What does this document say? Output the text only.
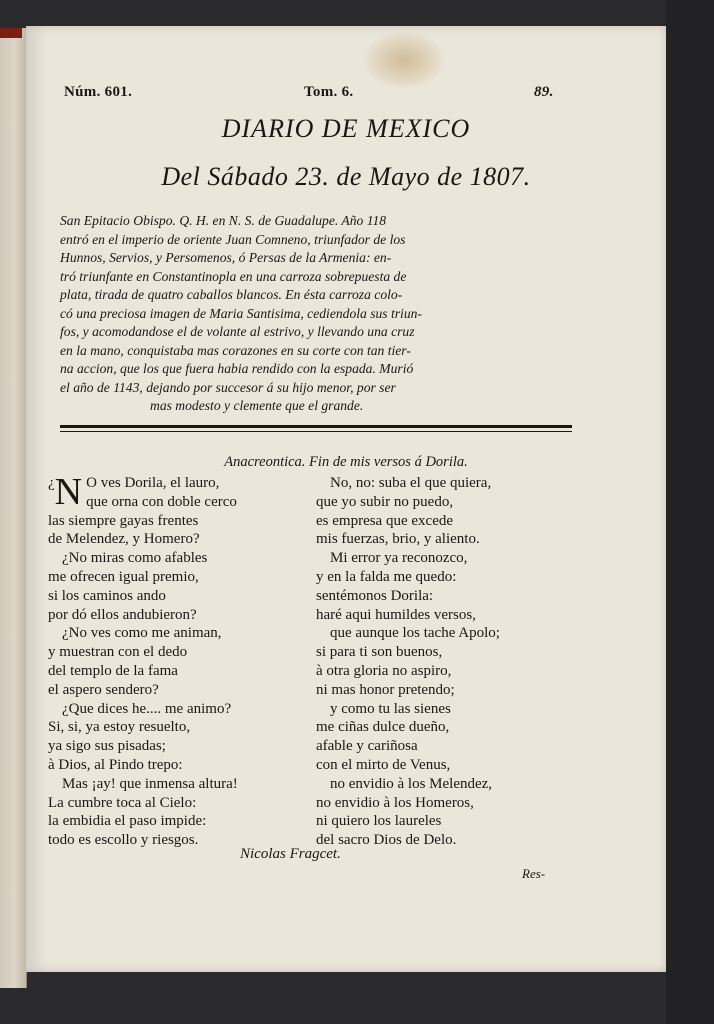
Núm. 601.	Tom. 6.	89.
DIARIO DE MEXICO
Del Sábado 23. de Mayo de 1807.
San Epitacio Obispo. Q. H. en N. S. de Guadalupe. Año 118
entró en el imperio de oriente Juan Comneno, triunfador de los
Hunnos, Servios, y Persomenos, ó Persas de la Armenia: en-
tró triunfante en Constantinopla en una carroza sobrepuesta de
plata, tirada de quatro caballos blancos. En ésta carroza colo-
có una preciosa imagen de Maria Santisima, cediendola sus triun-
fos, y acomodandose el de volante al estrivo, y llevando una cruz
en la mano, conquistaba mas corazones en su corte con tan tier-
na accion, que los que fuera habia rendido con la espada. Murió
el año de 1143, dejando por succesor á su hijo menor, por ser
mas modesto y clemente que el grande.
Anacreontica. Fin de mis versos á Dorila.
¿ N O ves Dorila, el lauro,
que orna con doble cerco
las siempre gayas frentes
de Melendez, y Homero?
¿No miras como afables
me ofrecen igual premio,
si los caminos ando
por dó ellos andubieron?
¿No ves como me animan,
y muestran con el dedo
del templo de la fama
el aspero sendero?
¿Que dices he.... me animo?
Si, si, ya estoy resuelto,
ya sigo sus pisadas;
à Dios, al Pindo trepo:
Mas ¡ay! que inmensa altura!
La cumbre toca al Cielo:
la embidia el paso impide:
todo es escollo y riesgos.
No, no: suba el que quiera,
que yo subir no puedo,
es empresa que excede
mis fuerzas, brio, y aliento.
Mi error ya reconozco,
y en la falda me quedo:
sentémonos Dorila:
haré aqui humildes versos,
que aunque los tache Apolo;
si para ti son buenos,
à otra gloria no aspiro,
ni mas honor pretendo;
y como tu las sienes
me ciñas dulce dueño,
afable y cariñosa
con el mirto de Venus,
no envidio à los Melendez,
no envidio à los Homeros,
ni quiero los laureles
del sacro Dios de Delo.
Nicolas Fragcet.
Res-
